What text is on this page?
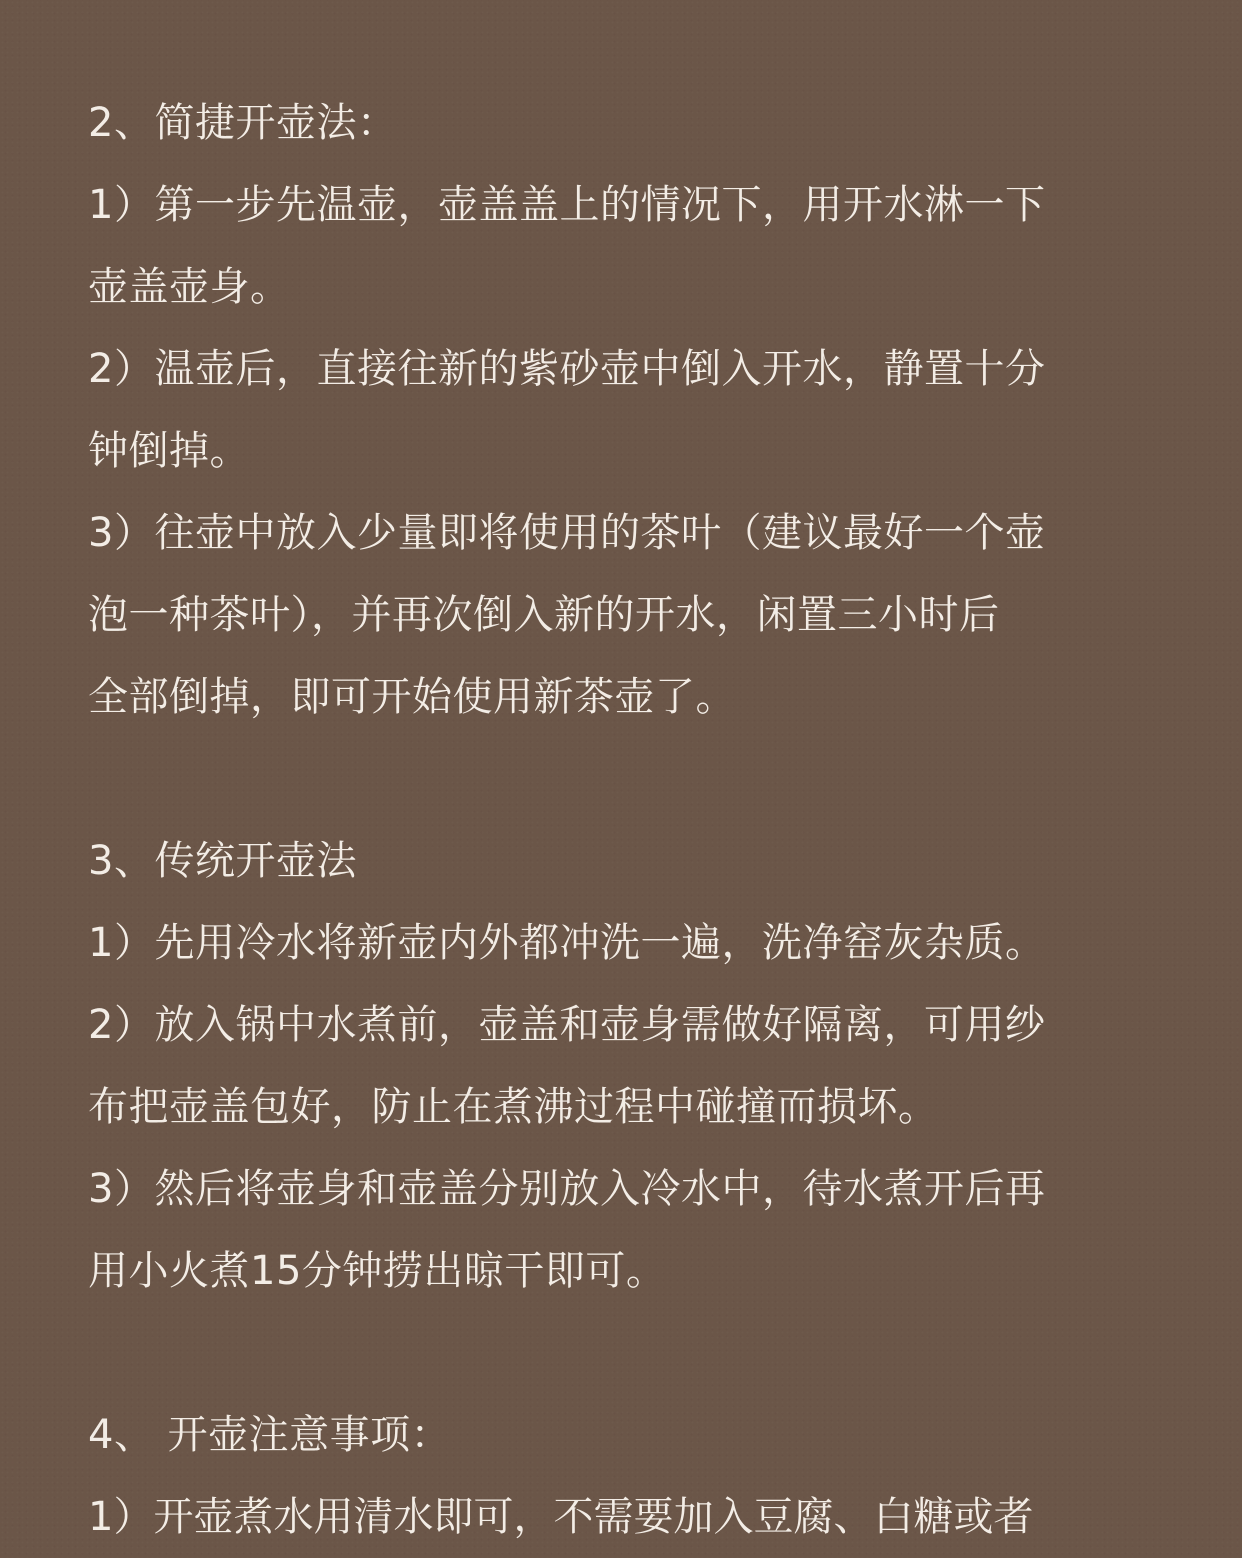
2、简捷开壶法：
1）第一步先温壶，壶盖盖上的情况下，用开水淋一下
壶盖壶身。
2）温壶后，直接往新的紫砂壶中倒入开水，静置十分
钟倒掉。
3）往壶中放入少量即将使用的茶叶（建议最好一个壶
泡一种茶叶），并再次倒入新的开水，闲置三小时后
全部倒掉，即可开始使用新茶壶了。
3、传统开壶法
1）先用冷水将新壶内外都冲洗一遍，洗净窑灰杂质。
2）放入锅中水煮前，壶盖和壶身需做好隔离，可用纱
布把壶盖包好，防止在煮沸过程中碰撞而损坏。
3）然后将壶身和壶盖分别放入冷水中，待水煮开后再
用小火煮15分钟捞出晾干即可。
4、 开壶注意事项：
1）开壶煮水用清水即可，不需要加入豆腐、白糖或者
